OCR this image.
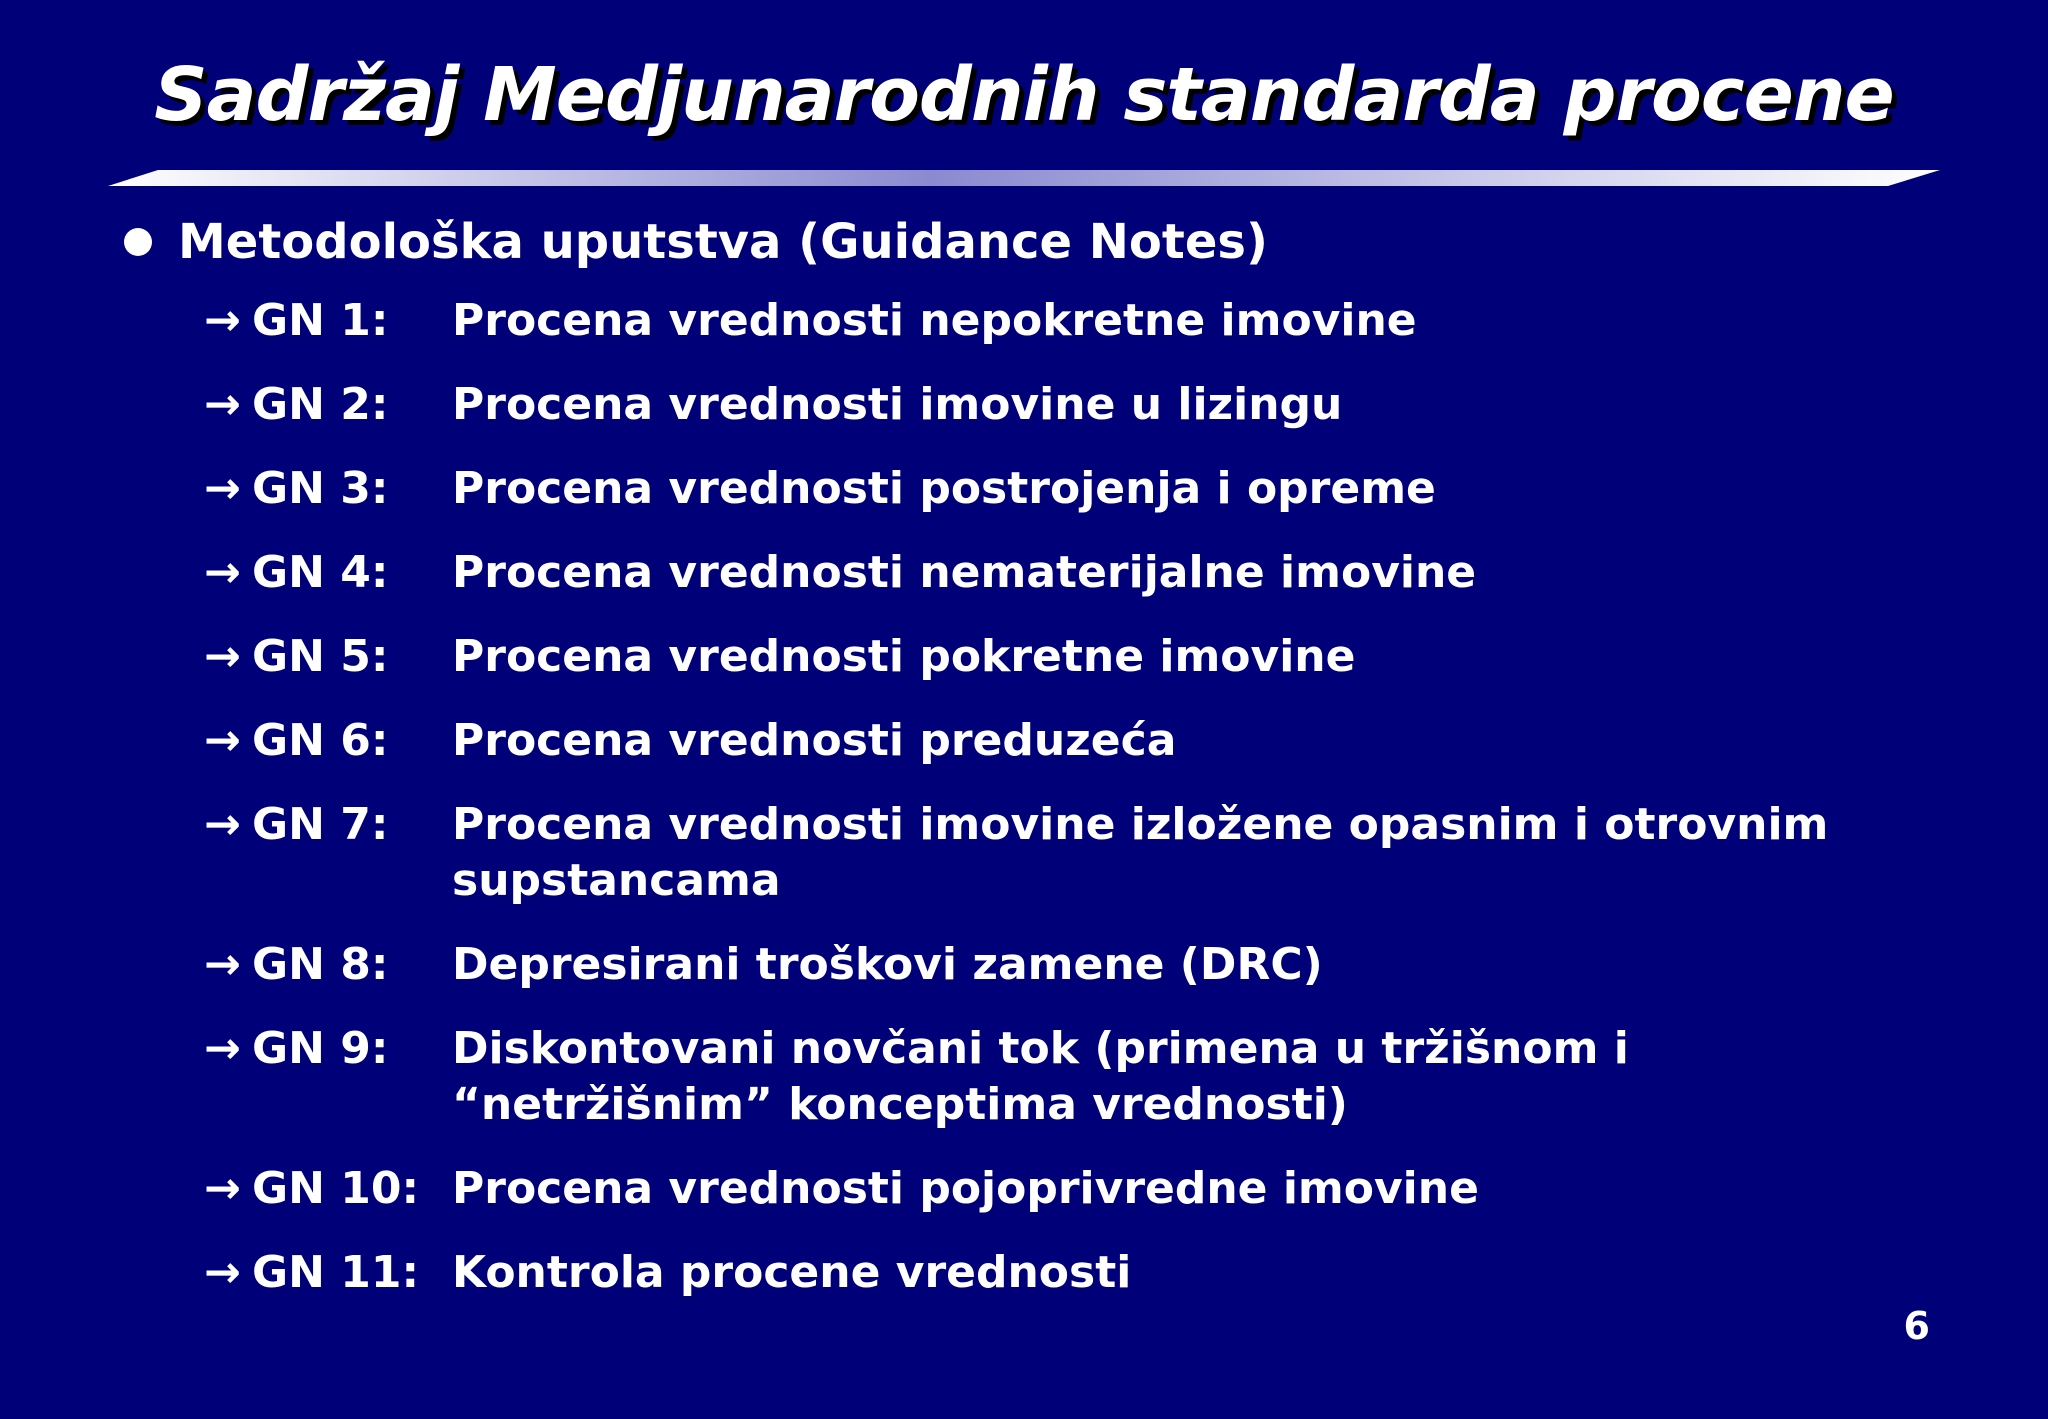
Sadržaj Medjunarodnih standarda procene
Metodološka uputstva (Guidance Notes)
→ GN 1:	Procena vrednosti nepokretne imovine
→ GN 2:	Procena vrednosti imovine u lizingu
→ GN 3:	Procena vrednosti postrojenja i opreme
→ GN 4:	Procena vrednosti nematerijalne imovine
→ GN 5:	Procena vrednosti pokretne imovine
→ GN 6:	Procena vrednosti preduzeća
→ GN 7:	Procena vrednosti imovine izložene opasnim i otrovnim supstancama
→ GN 8:	Depresirani troškovi zamene (DRC)
→ GN 9:	Diskontovani novčani tok (primena u tržišnom i “netržišnim” konceptima vrednosti)
→ GN 10: Procena vrednosti pojoprivredne imovine
→ GN 11: Kontrola procene vrednosti
6
